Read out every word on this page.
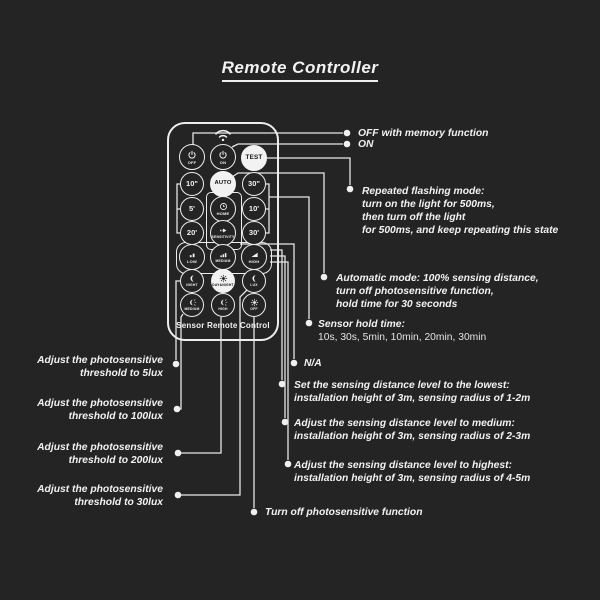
Remote Controller
OFF	ON
TEST
10"	AUTO 30"
5'
HOME
10'
20'
SENSITIVITY
30'
LOW	MEDIUM	HIGH
NIGHT	DAY&NIGHT	LUX
MEDIUM	HIGH	OFF
Sensor Remote Control
OFF with memory function
ON
Repeated flashing mode:
turn on the light for 500ms,
then turn off the light
for 500ms, and keep repeating this state
Automatic mode: 100% sensing distance,
turn off photosensitive function,
hold time for 30 seconds
Sensor hold time:
10s, 30s, 5min, 10min, 20min, 30min
N/A
Set the sensing distance level to the lowest:
installation height of 3m, sensing radius of 1-2m
Adjust the sensing distance level to medium:
installation height of 3m, sensing radius of 2-3m
Adjust the sensing distance level to highest:
installation height of 3m, sensing radius of 4-5m
Turn off photosensitive function
Adjust the photosensitive
threshold to 5lux
Adjust the photosensitive
threshold to 100lux
Adjust the photosensitive
threshold to 200lux
Adjust the photosensitive
threshold to 30lux
